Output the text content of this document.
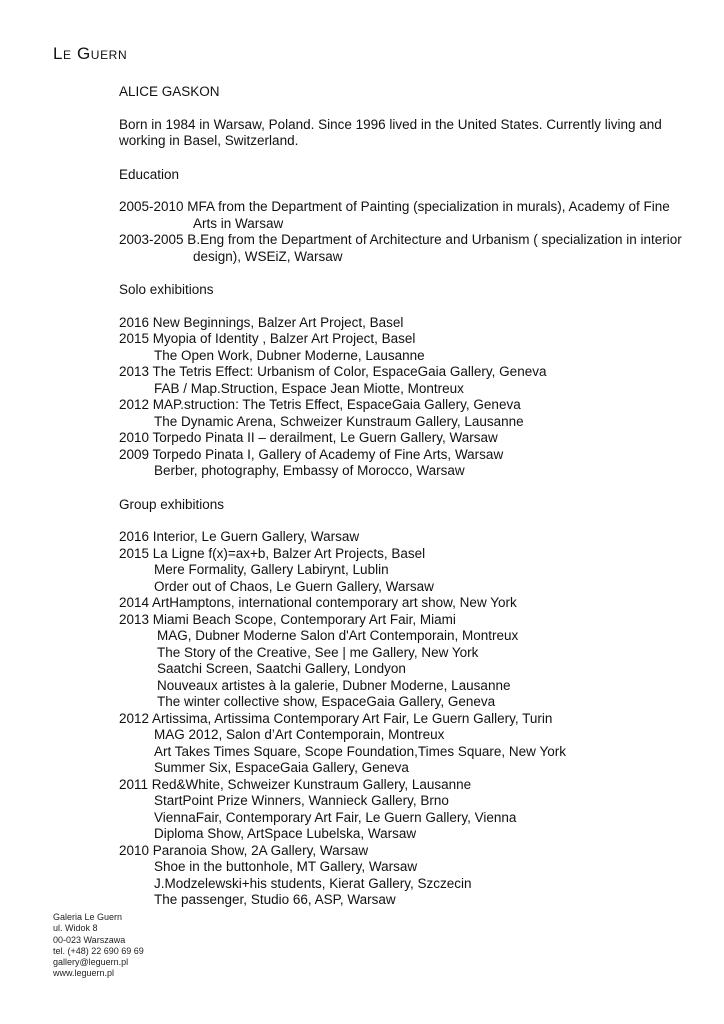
Le Guern
ALICE GASKON

Born in 1984 in Warsaw, Poland. Since 1996 lived in the United States. Currently living and working in Basel, Switzerland.

Education
2005-2010 MFA from the Department of Painting (specialization in murals), Academy of Fine Arts in Warsaw
2003-2005 B.Eng from the Department of Architecture and Urbanism ( specialization in interior design), WSEiZ, Warsaw
Solo exhibitions
2016 New Beginnings, Balzer Art Project, Basel
2015 Myopia of Identity , Balzer Art Project, Basel
The Open Work, Dubner Moderne, Lausanne
2013 The Tetris Effect: Urbanism of Color, EspaceGaia Gallery, Geneva
FAB / Map.Struction, Espace Jean Miotte, Montreux
2012 MAP.struction: The Tetris Effect, EspaceGaia Gallery, Geneva
The Dynamic Arena, Schweizer Kunstraum Gallery, Lausanne
2010 Torpedo Pinata II – derailment, Le Guern Gallery, Warsaw
2009 Torpedo Pinata I, Gallery of Academy of Fine Arts, Warsaw
Berber, photography, Embassy of Morocco, Warsaw
Group exhibitions
2016 Interior, Le Guern Gallery, Warsaw
2015 La Ligne f(x)=ax+b, Balzer Art Projects, Basel
Mere Formality, Gallery Labirynt, Lublin
Order out of Chaos, Le Guern Gallery, Warsaw
2014 ArtHamptons, international contemporary art show, New York
2013 Miami Beach Scope, Contemporary Art Fair, Miami
MAG, Dubner Moderne Salon d'Art Contemporain, Montreux
The Story of the Creative, See | me Gallery, New York
Saatchi Screen, Saatchi Gallery, Londyon
Nouveaux artistes à la galerie, Dubner Moderne, Lausanne
The winter collective show, EspaceGaia Gallery, Geneva
2012 Artissima, Artissima Contemporary Art Fair, Le Guern Gallery, Turin
MAG 2012, Salon d’Art Contemporain, Montreux
Art Takes Times Square, Scope Foundation,Times Square, New York
Summer Six, EspaceGaia Gallery, Geneva
2011 Red&White, Schweizer Kunstraum Gallery, Lausanne
StartPoint Prize Winners, Wannieck Gallery, Brno
ViennaFair, Contemporary Art Fair, Le Guern Gallery, Vienna
Diploma Show, ArtSpace Lubelska, Warsaw
2010 Paranoia Show, 2A Gallery, Warsaw
Shoe in the buttonhole, MT Gallery, Warsaw
J.Modzelewski+his students, Kierat Gallery, Szczecin
The passenger, Studio 66, ASP, Warsaw
Galeria Le Guern
ul. Widok 8
00-023 Warszawa
tel. (+48) 22 690 69 69
gallery@leguern.pl
www.leguern.pl
